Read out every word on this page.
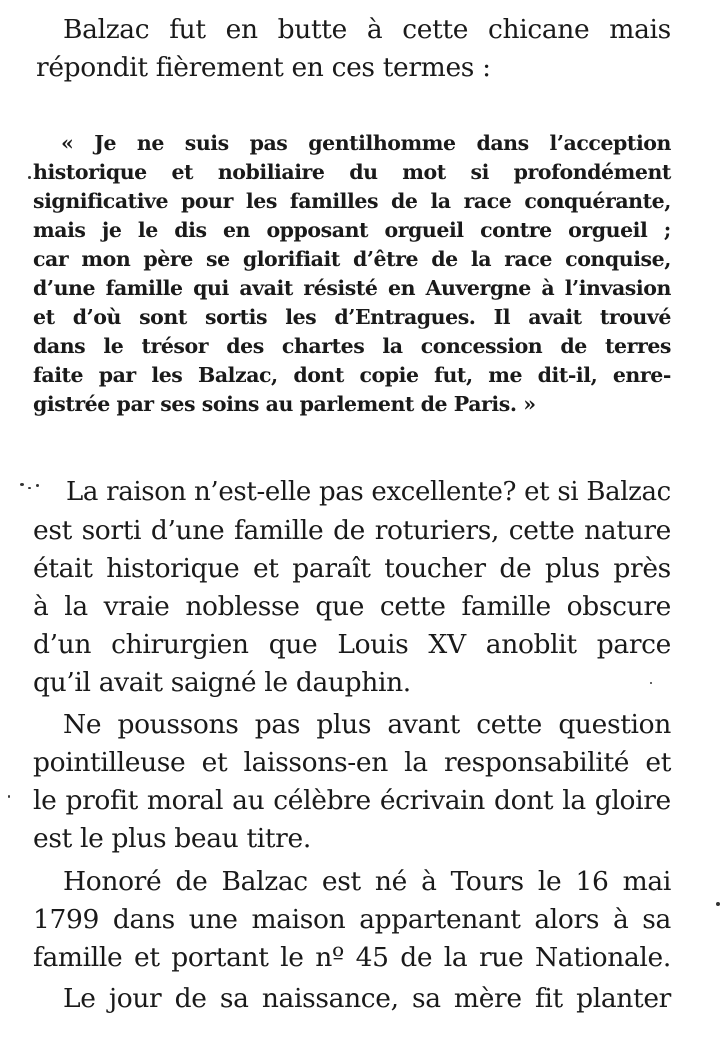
Balzac fut en butte à cette chicane mais
répondit fièrement en ces termes :
« Je ne suis pas gentilhomme dans l’acception
historique et nobiliaire du mot si profondément
significative pour les familles de la race conquérante,
mais je le dis en opposant orgueil contre orgueil ;
car mon père se glorifiait d’être de la race conquise,
d’une famille qui avait résisté en Auvergne à l’invasion
et d’où sont sortis les d’Entragues. Il avait trouvé
dans le trésor des chartes la concession de terres
faite par les Balzac, dont copie fut, me dit-il, enre-
gistrée par ses soins au parlement de Paris. »
La raison n’est-elle pas excellente? et si Balzac
est sorti d’une famille de roturiers, cette nature
était historique et paraît toucher de plus près
à la vraie noblesse que cette famille obscure
d’un chirurgien que Louis XV anoblit parce
qu’il avait saigné le dauphin.
Ne poussons pas plus avant cette question
pointilleuse et laissons-en la responsabilité et
le profit moral au célèbre écrivain dont la gloire
est le plus beau titre.
Honoré de Balzac est né à Tours le 16 mai
1799 dans une maison appartenant alors à sa
famille et portant le nº 45 de la rue Nationale.
Le jour de sa naissance, sa mère fit planter
